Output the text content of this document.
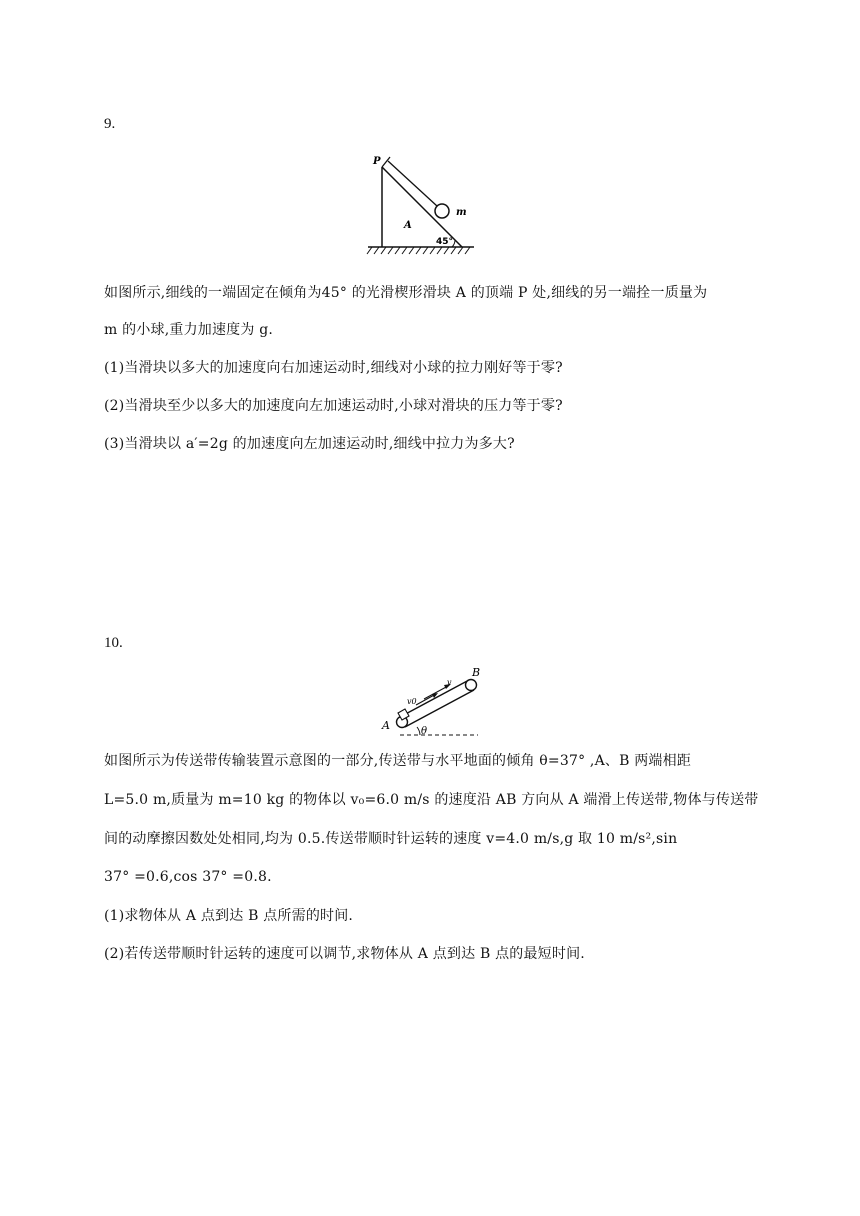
9.
P
m
A
45°
如图所示,细线的一端固定在倾角为45° 的光滑楔形滑块 A 的顶端 P 处,细线的另一端拴一质量为
m 的小球,重力加速度为 g.
(1)当滑块以多大的加速度向右加速运动时,细线对小球的拉力刚好等于零?
(2)当滑块至少以多大的加速度向左加速运动时,小球对滑块的压力等于零?
(3)当滑块以 a′=2g 的加速度向左加速运动时,细线中拉力为多大?
10.
A
B
v0
v
θ
如图所示为传送带传输装置示意图的一部分,传送带与水平地面的倾角 θ=37° ,A、B 两端相距
L=5.0 m,质量为 m=10 kg 的物体以 v₀=6.0 m/s 的速度沿 AB 方向从 A 端滑上传送带,物体与传送带
间的动摩擦因数处处相同,均为 0.5.传送带顺时针运转的速度 v=4.0 m/s,g 取 10 m/s²,sin
37° =0.6,cos 37° =0.8.
(1)求物体从 A 点到达 B 点所需的时间.
(2)若传送带顺时针运转的速度可以调节,求物体从 A 点到达 B 点的最短时间.
